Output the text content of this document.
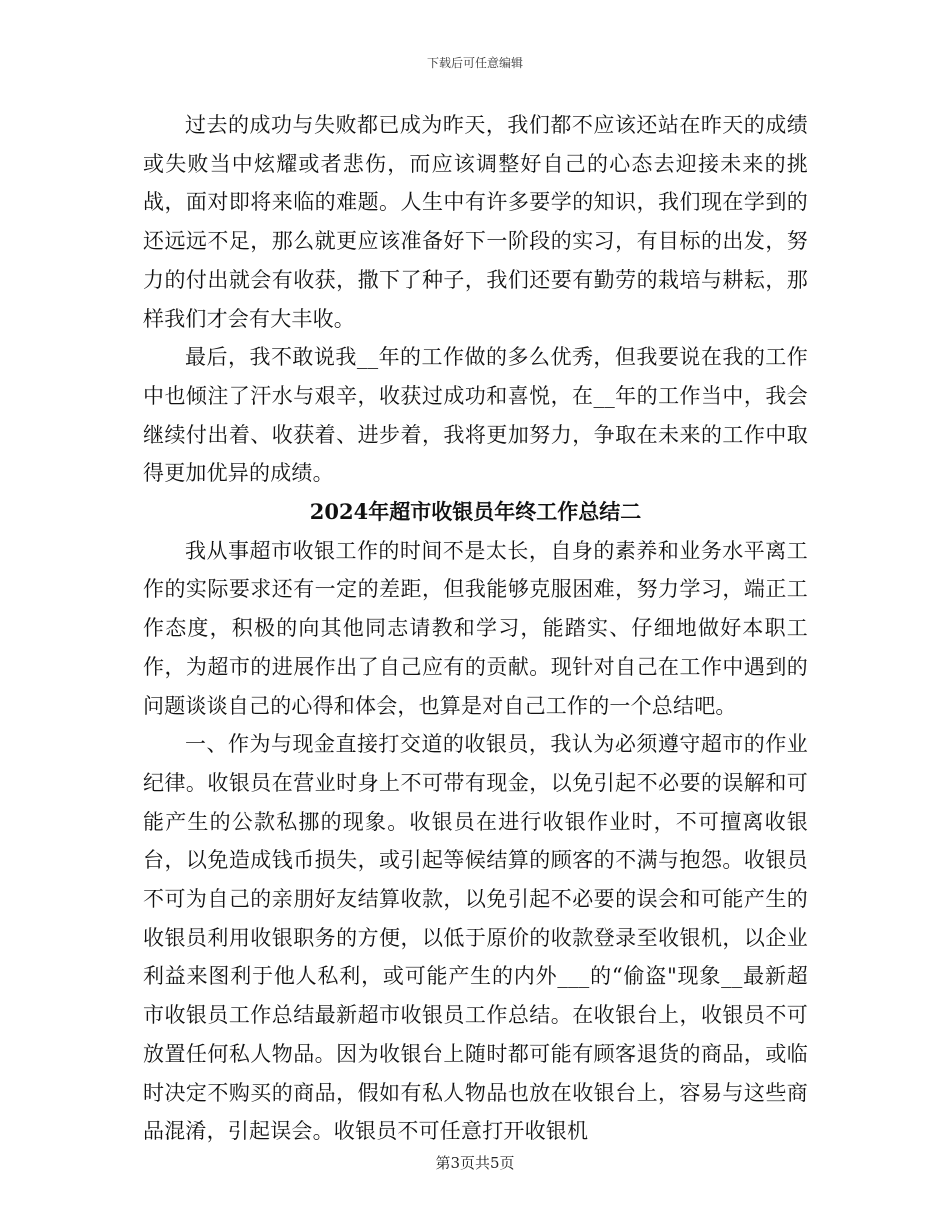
下载后可任意编辑

过去的成功与失败都已成为昨天，我们都不应该还站在昨天的成绩或失败当中炫耀或者悲伤，而应该调整好自己的心态去迎接未来的挑战，面对即将来临的难题。人生中有许多要学的知识，我们现在学到的还远远不足，那么就更应该准备好下一阶段的实习，有目标的出发，努力的付出就会有收获，撒下了种子，我们还要有勤劳的栽培与耕耘，那样我们才会有大丰收。

最后，我不敢说我__年的工作做的多么优秀，但我要说在我的工作中也倾注了汗水与艰辛，收获过成功和喜悦，在__年的工作当中，我会继续付出着、收获着、进步着，我将更加努力，争取在未来的工作中取得更加优异的成绩。

2024年超市收银员年终工作总结二

我从事超市收银工作的时间不是太长，自身的素养和业务水平离工作的实际要求还有一定的差距，但我能够克服困难，努力学习，端正工作态度，积极的向其他同志请教和学习，能踏实、仔细地做好本职工作，为超市的进展作出了自己应有的贡献。现针对自己在工作中遇到的问题谈谈自己的心得和体会，也算是对自己工作的一个总结吧。

一、作为与现金直接打交道的收银员，我认为必须遵守超市的作业纪律。收银员在营业时身上不可带有现金，以免引起不必要的误解和可能产生的公款私挪的现象。收银员在进行收银作业时，不可擅离收银台，以免造成钱币损失，或引起等候结算的顾客的不满与抱怨。收银员不可为自己的亲朋好友结算收款，以免引起不必要的误会和可能产生的收银员利用收银职务的方便，以低于原价的收款登录至收银机，以企业利益来图利于他人私利，或可能产生的内外___的“偷盗"现象__最新超市收银员工作总结最新超市收银员工作总结。在收银台上，收银员不可放置任何私人物品。因为收银台上随时都可能有顾客退货的商品，或临时决定不购买的商品，假如有私人物品也放在收银台上，容易与这些商品混淆，引起误会。收银员不可任意打开收银机

第3页共5页
